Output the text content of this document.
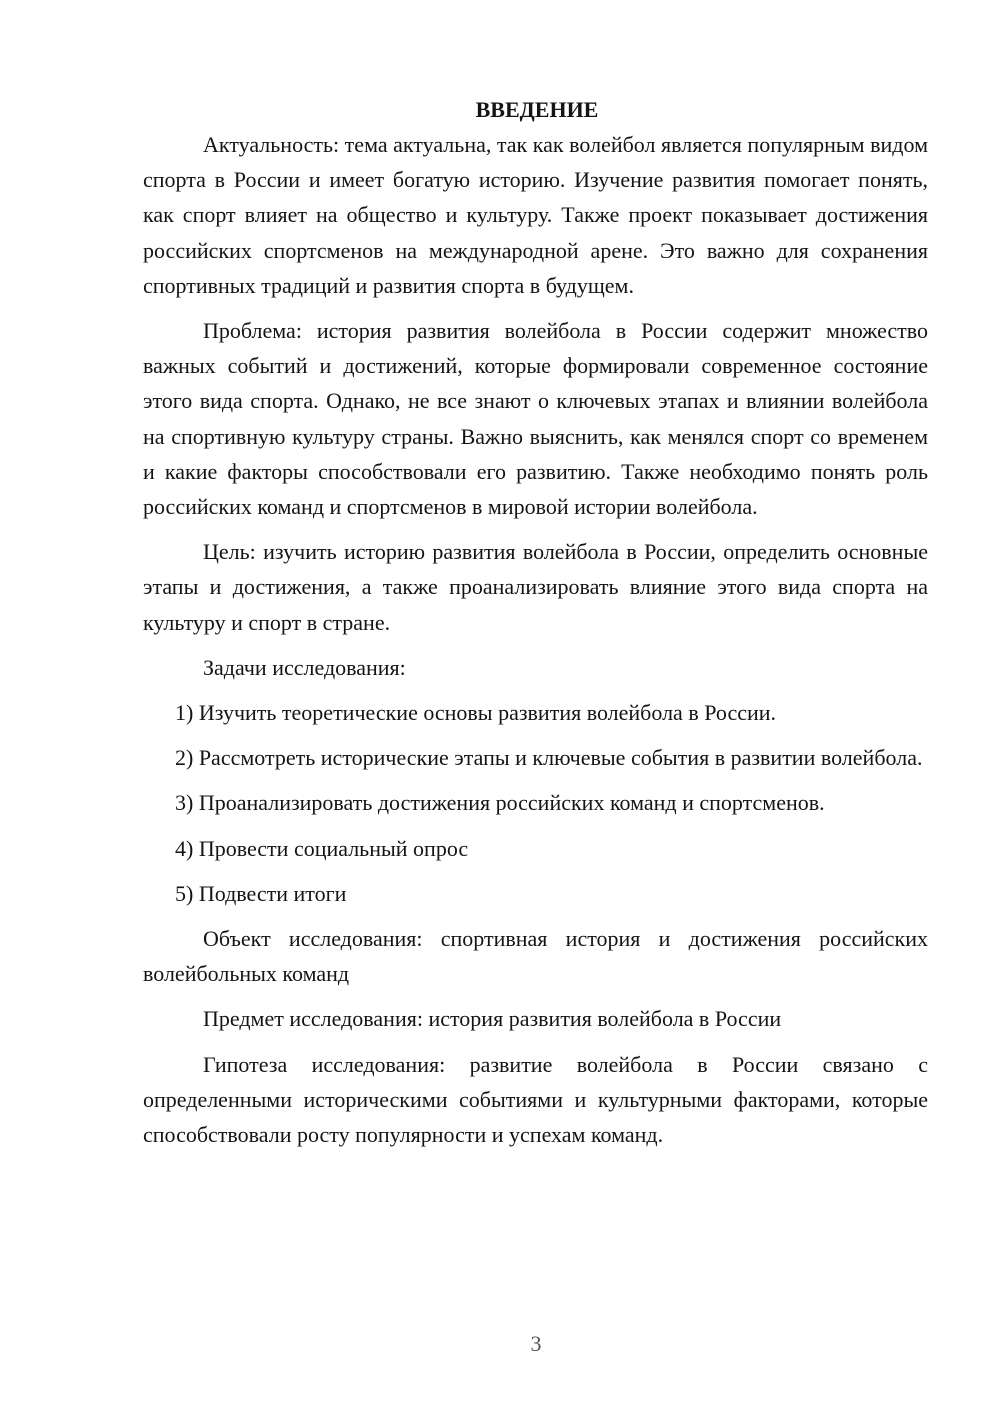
ВВЕДЕНИЕ

Актуальность: тема актуальна, так как волейбол является популярным видом спорта в России и имеет богатую историю. Изучение развития помогает понять, как спорт влияет на общество и культуру. Также проект показывает достижения российских спортсменов на международной арене. Это важно для сохранения спортивных традиций и развития спорта в будущем.

Проблема: история развития волейбола в России содержит множество важных событий и достижений, которые формировали современное состояние этого вида спорта. Однако, не все знают о ключевых этапах и влиянии волейбола на спортивную культуру страны. Важно выяснить, как менялся спорт со временем и какие факторы способствовали его развитию. Также необходимо понять роль российских команд и спортсменов в мировой истории волейбола.

Цель: изучить историю развития волейбола в России, определить основные этапы и достижения, а также проанализировать влияние этого вида спорта на культуру и спорт в стране.

Задачи исследования:

1) Изучить теоретические основы развития волейбола в России.

2) Рассмотреть исторические этапы и ключевые события в развитии волейбола.

3) Проанализировать достижения российских команд и спортсменов.

4) Провести социальный опрос

5) Подвести итоги

Объект исследования: спортивная история и достижения российских волейбольных команд

Предмет исследования: история развития волейбола в России

Гипотеза исследования: развитие волейбола в России связано с определенными историческими событиями и культурными факторами, которые способствовали росту популярности и успехам команд.

3
